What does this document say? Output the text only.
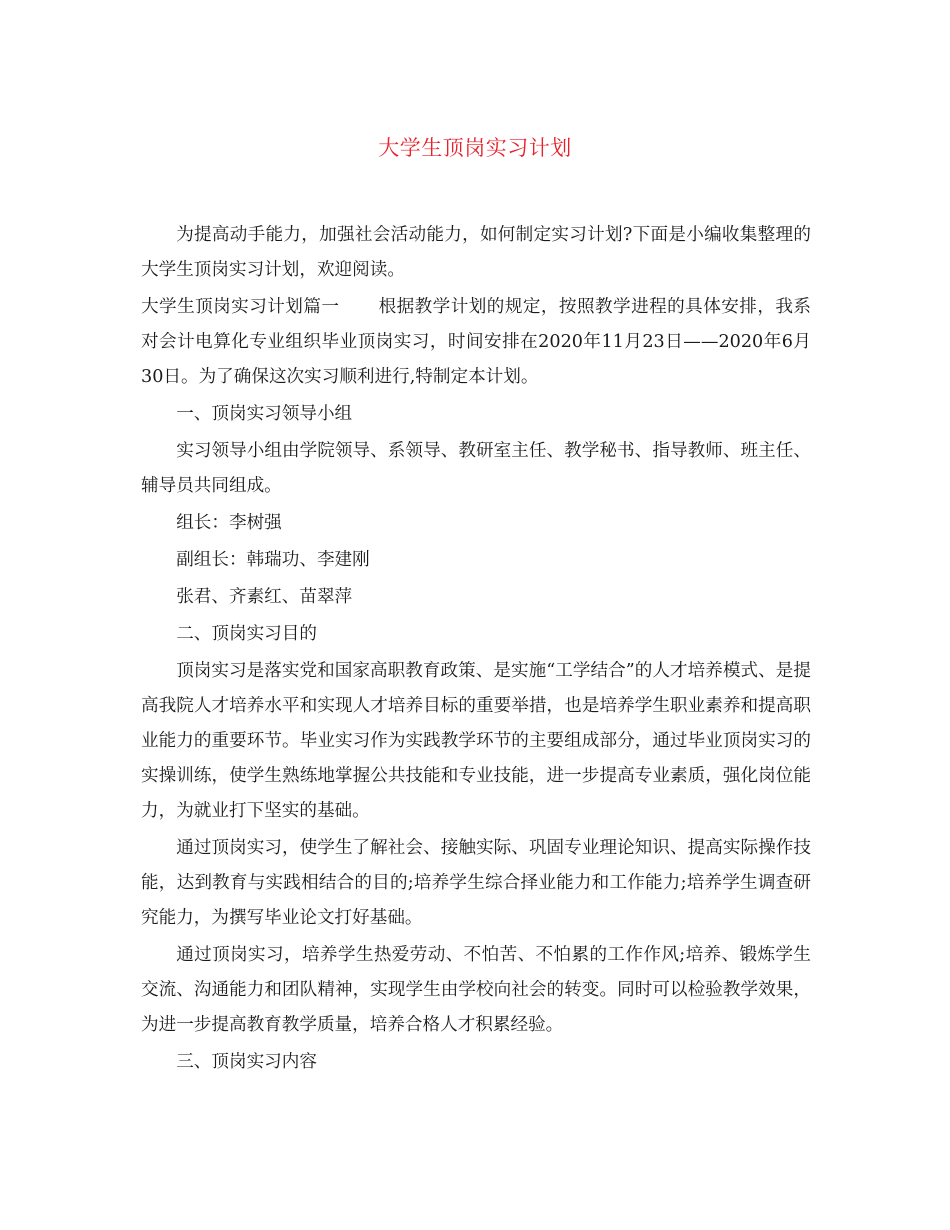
大学生顶岗实习计划

为提高动手能力，加强社会活动能力，如何制定实习计划?下面是小编收集整理的大学生顶岗实习计划，欢迎阅读。

大学生顶岗实习计划篇一 根据教学计划的规定，按照教学进程的具体安排，我系对会计电算化专业组织毕业顶岗实习，时间安排在2020年11月23日——2020年6月30日。为了确保这次实习顺利进行,特制定本计划。

一、顶岗实习领导小组

实习领导小组由学院领导、系领导、教研室主任、教学秘书、指导教师、班主任、辅导员共同组成。

组长：李树强

副组长：韩瑞功、李建刚

张君、齐素红、苗翠萍

二、顶岗实习目的

顶岗实习是落实党和国家高职教育政策、是实施“工学结合”的人才培养模式、是提高我院人才培养水平和实现人才培养目标的重要举措，也是培养学生职业素养和提高职业能力的重要环节。毕业实习作为实践教学环节的主要组成部分，通过毕业顶岗实习的实操训练，使学生熟练地掌握公共技能和专业技能，进一步提高专业素质，强化岗位能力，为就业打下坚实的基础。

通过顶岗实习，使学生了解社会、接触实际、巩固专业理论知识、提高实际操作技能，达到教育与实践相结合的目的;培养学生综合择业能力和工作能力;培养学生调查研究能力，为撰写毕业论文打好基础。

通过顶岗实习，培养学生热爱劳动、不怕苦、不怕累的工作作风;培养、锻炼学生交流、沟通能力和团队精神，实现学生由学校向社会的转变。同时可以检验教学效果，为进一步提高教育教学质量，培养合格人才积累经验。

三、顶岗实习内容
